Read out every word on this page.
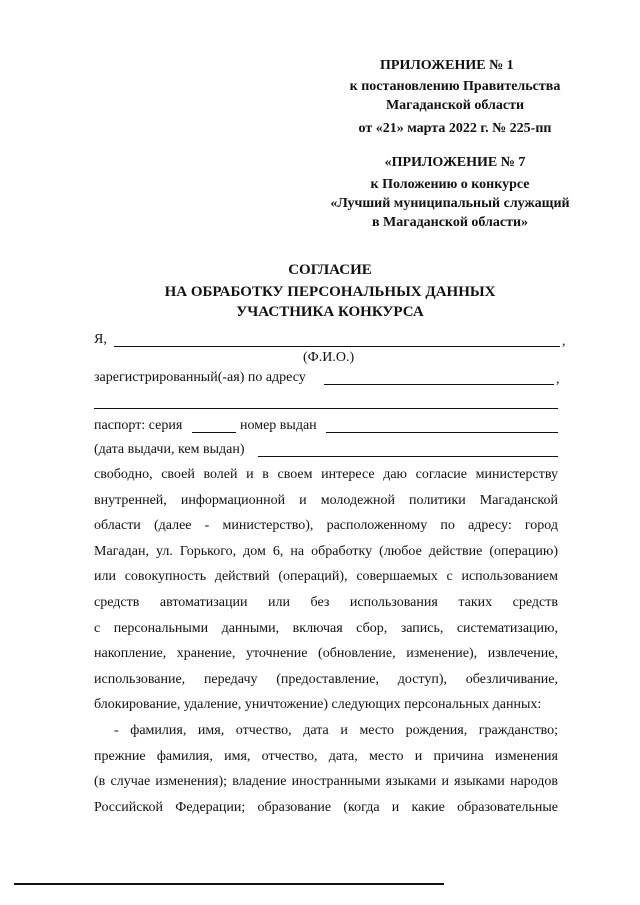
ПРИЛОЖЕНИЕ № 1
к постановлению Правительства
Магаданской области
от «21» марта 2022 г. № 225-пп
«ПРИЛОЖЕНИЕ № 7
к Положению о конкурсе
«Лучший муниципальный служащий
в Магаданской области»
СОГЛАСИЕ
НА ОБРАБОТКУ ПЕРСОНАЛЬНЫХ ДАННЫХ
УЧАСТНИКА КОНКУРСА
Я,	,
(Ф.И.О.)
зарегистрированный(-ая) по адресу	,
паспорт: серия	номер выдан
(дата выдачи, кем выдан)
свободно, своей волей и в своем интересе даю согласие министерству
внутренней, информационной и молодежной политики Магаданской
области (далее - министерство), расположенному по адресу: город
Магадан, ул. Горького, дом 6, на обработку (любое действие (операцию)
или совокупность действий (операций), совершаемых с использованием
средств автоматизации или без использования таких средств
с персональными данными, включая сбор, запись, систематизацию,
накопление, хранение, уточнение (обновление, изменение), извлечение,
использование, передачу (предоставление, доступ), обезличивание,
блокирование, удаление, уничтожение) следующих персональных данных:
- фамилия, имя, отчество, дата и место рождения, гражданство;
прежние фамилия, имя, отчество, дата, место и причина изменения
(в случае изменения); владение иностранными языками и языками народов
Российской Федерации; образование (когда и какие образовательные
